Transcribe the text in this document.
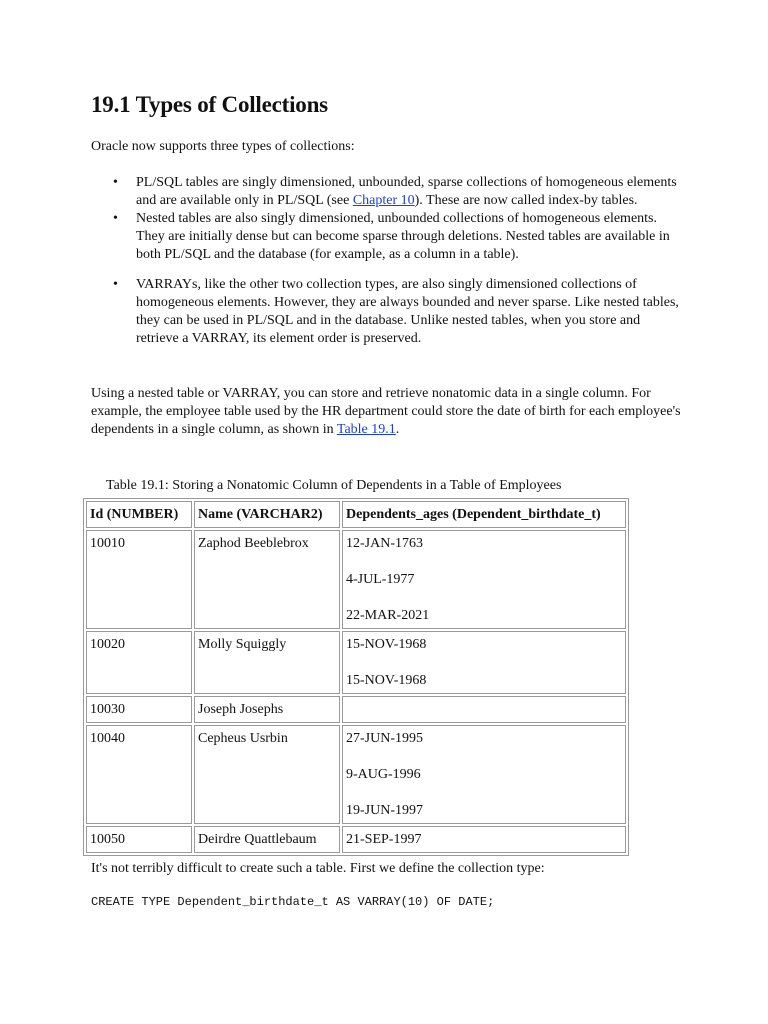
19.1 Types of Collections

Oracle now supports three types of collections:

• PL/SQL tables are singly dimensioned, unbounded, sparse collections of homogeneous elements and are available only in PL/SQL (see Chapter 10). These are now called index-by tables.
• Nested tables are also singly dimensioned, unbounded collections of homogeneous elements. They are initially dense but can become sparse through deletions. Nested tables are available in both PL/SQL and the database (for example, as a column in a table).
• VARRAYs, like the other two collection types, are also singly dimensioned collections of homogeneous elements. However, they are always bounded and never sparse. Like nested tables, they can be used in PL/SQL and in the database. Unlike nested tables, when you store and retrieve a VARRAY, its element order is preserved.

Using a nested table or VARRAY, you can store and retrieve nonatomic data in a single column. For example, the employee table used by the HR department could store the date of birth for each employee's dependents in a single column, as shown in Table 19.1.

Table 19.1: Storing a Nonatomic Column of Dependents in a Table of Employees

Id (NUMBER)	Name (VARCHAR2)	Dependents_ages (Dependent_birthdate_t)
10010	Zaphod Beeblebrox	12-JAN-1763
4-JUL-1977
22-MAR-2021

10020	Molly Squiggly	15-NOV-1968
15-NOV-1968

10030	Joseph Josephs	
10040	Cepheus Usrbin	27-JUN-1995
9-AUG-1996
19-JUN-1997

10050	Deirdre Quattlebaum	21-SEP-1997

It's not terribly difficult to create such a table. First we define the collection type:

CREATE TYPE Dependent_birthdate_t AS VARRAY(10) OF DATE;
